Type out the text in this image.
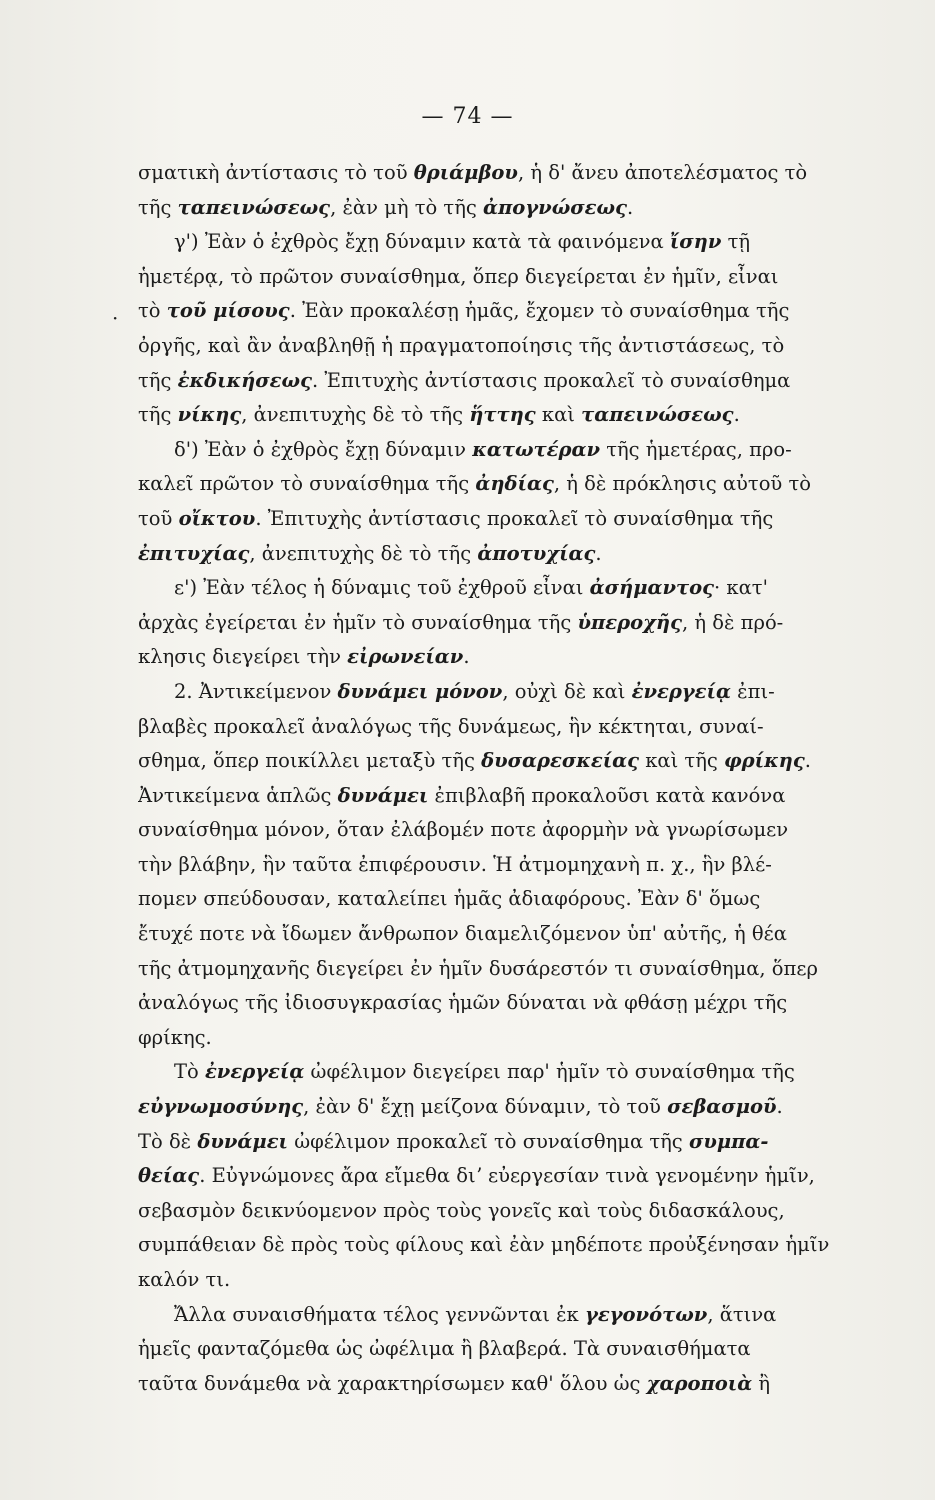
— 74 —
·
σματικὴ ἀντίστασις τὸ τοῦ θριάμβου, ἡ δ' ἄνευ ἀποτελέσματος τὸ
τῆς ταπεινώσεως, ἐὰν μὴ τὸ τῆς ἀπογνώσεως.
γ') Ἐὰν ὁ ἐχθρὸς ἔχῃ δύναμιν κατὰ τὰ φαινόμενα ἴσην τῇ
ἡμετέρᾳ, τὸ πρῶτον συναίσθημα, ὅπερ διεγείρεται ἐν ἡμῖν, εἶναι
τὸ τοῦ μίσους. Ἐὰν προκαλέσῃ ἡμᾶς, ἔχομεν τὸ συναίσθημα τῆς
ὀργῆς, καὶ ἂν ἀναβληθῇ ἡ πραγματοποίησις τῆς ἀντιστάσεως, τὸ
τῆς ἐκδικήσεως. Ἐπιτυχὴς ἀντίστασις προκαλεῖ τὸ συναίσθημα
τῆς νίκης, ἀνεπιτυχὴς δὲ τὸ τῆς ἥττης καὶ ταπεινώσεως.
δ') Ἐὰν ὁ ἐχθρὸς ἔχῃ δύναμιν κατωτέραν τῆς ἡμετέρας, προ-
καλεῖ πρῶτον τὸ συναίσθημα τῆς ἀηδίας, ἡ δὲ πρόκλησις αὐτοῦ τὸ
τοῦ οἴκτου. Ἐπιτυχὴς ἀντίστασις προκαλεῖ τὸ συναίσθημα τῆς
ἐπιτυχίας, ἀνεπιτυχὴς δὲ τὸ τῆς ἀποτυχίας.
ε') Ἐὰν τέλος ἡ δύναμις τοῦ ἐχθροῦ εἶναι ἀσήμαντος· κατ'
ἀρχὰς ἐγείρεται ἐν ἡμῖν τὸ συναίσθημα τῆς ὑπεροχῆς, ἡ δὲ πρό-
κλησις διεγείρει τὴν εἰρωνείαν.
2. Ἀντικείμενον δυνάμει μόνον, οὐχὶ δὲ καὶ ἐνεργείᾳ ἐπι-
βλαβὲς προκαλεῖ ἀναλόγως τῆς δυνάμεως, ἣν κέκτηται, συναί-
σθημα, ὅπερ ποικίλλει μεταξὺ τῆς δυσαρεσκείας καὶ τῆς φρίκης.
Ἀντικείμενα ἁπλῶς δυνάμει ἐπιβλαβῆ προκαλοῦσι κατὰ κανόνα
συναίσθημα μόνον, ὅταν ἐλάβομέν ποτε ἀφορμὴν νὰ γνωρίσωμεν
τὴν βλάβην, ἣν ταῦτα ἐπιφέρουσιν. Ἡ ἀτμομηχανὴ π. χ., ἣν βλέ-
πομεν σπεύδουσαν, καταλείπει ἡμᾶς ἀδιαφόρους. Ἐὰν δ' ὅμως
ἔτυχέ ποτε νὰ ἴδωμεν ἄνθρωπον διαμελιζόμενον ὑπ' αὐτῆς, ἡ θέα
τῆς ἀτμομηχανῆς διεγείρει ἐν ἡμῖν δυσάρεστόν τι συναίσθημα, ὅπερ
ἀναλόγως τῆς ἰδιοσυγκρασίας ἡμῶν δύναται νὰ φθάσῃ μέχρι τῆς
φρίκης.
Τὸ ἐνεργείᾳ ὠφέλιμον διεγείρει παρ' ἡμῖν τὸ συναίσθημα τῆς
εὐγνωμοσύνης, ἐὰν δ' ἔχῃ μείζονα δύναμιν, τὸ τοῦ σεβασμοῦ.
Τὸ δὲ δυνάμει ὠφέλιμον προκαλεῖ τὸ συναίσθημα τῆς συμπα-
θείας. Εὐγνώμονες ἄρα εἴμεθα διʼ εὐεργεσίαν τινὰ γενομένην ἡμῖν,
σεβασμὸν δεικνύομενον πρὸς τοὺς γονεῖς καὶ τοὺς διδασκάλους,
συμπάθειαν δὲ πρὸς τοὺς φίλους καὶ ἐὰν μηδέποτε προὐξένησαν ἡμῖν
καλόν τι.
Ἄλλα συναισθήματα τέλος γεννῶνται ἐκ γεγονότων, ἅτινα
ἡμεῖς φανταζόμεθα ὡς ὠφέλιμα ἢ βλαβερά. Τὰ συναισθήματα
ταῦτα δυνάμεθα νὰ χαρακτηρίσωμεν καθ' ὅλου ὡς χαροποιὰ ἢ
